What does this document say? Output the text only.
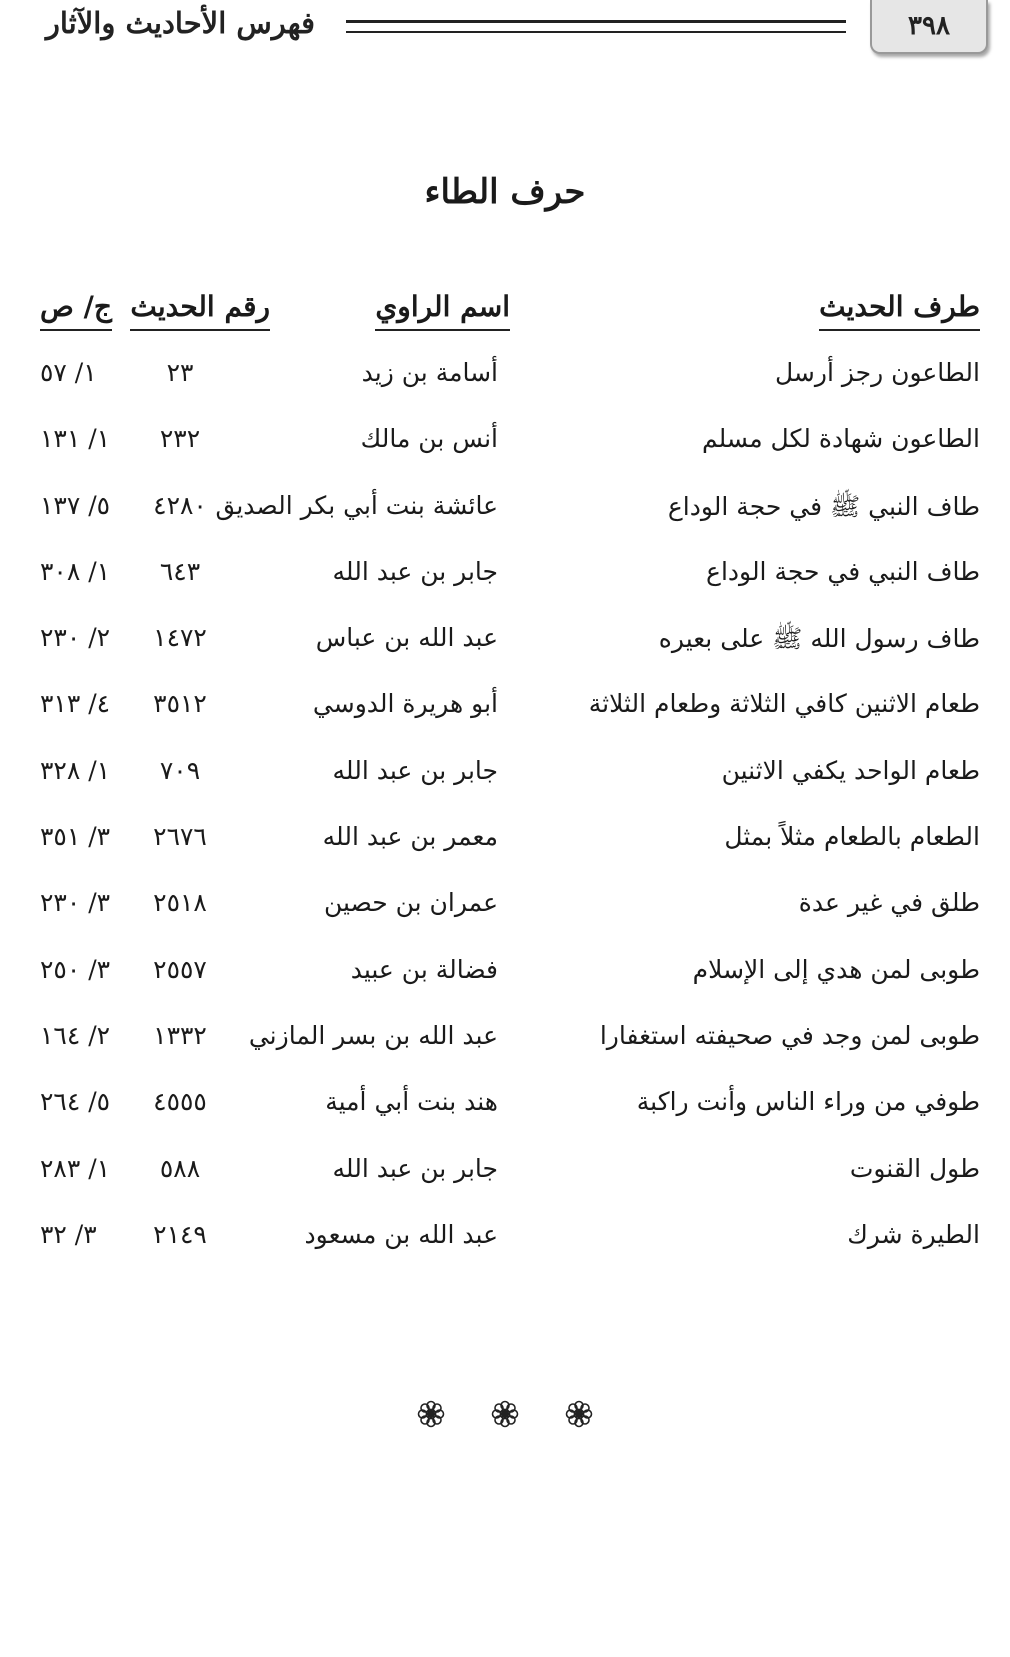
٣٩٨
فهرس الأحاديث والآثار
حرف الطاء
طرف الحديث
اسم الراوي
رقم الحديث
ج/ ص
الطاعون رجز أرسل
أسامة بن زيد
٢٣
١/ ٥٧
الطاعون شهادة لكل مسلم
أنس بن مالك
٢٣٢
١/ ١٣١
طاف النبي ﷺ في حجة الوداع
عائشة بنت أبي بكر الصديق
٤٢٨٠
٥/ ١٣٧
طاف النبي في حجة الوداع
جابر بن عبد الله
٦٤٣
١/ ٣٠٨
طاف رسول الله ﷺ على بعيره
عبد الله بن عباس
١٤٧٢
٢/ ٢٣٠
طعام الاثنين كافي الثلاثة وطعام الثلاثة
أبو هريرة الدوسي
٣٥١٢
٤/ ٣١٣
طعام الواحد يكفي الاثنين
جابر بن عبد الله
٧٠٩
١/ ٣٢٨
الطعام بالطعام مثلاً بمثل
معمر بن عبد الله
٢٦٧٦
٣/ ٣٥١
طلق في غير عدة
عمران بن حصين
٢٥١٨
٣/ ٢٣٠
طوبى لمن هدي إلى الإسلام
فضالة بن عبيد
٢٥٥٧
٣/ ٢٥٠
طوبى لمن وجد في صحيفته استغفارا
عبد الله بن بسر المازني
١٣٣٢
٢/ ١٦٤
طوفي من وراء الناس وأنت راكبة
هند بنت أبي أمية
٤٥٥٥
٥/ ٢٦٤
طول القنوت
جابر بن عبد الله
٥٨٨
١/ ٢٨٣
الطيرة شرك
عبد الله بن مسعود
٢١٤٩
٣/ ٣٢
